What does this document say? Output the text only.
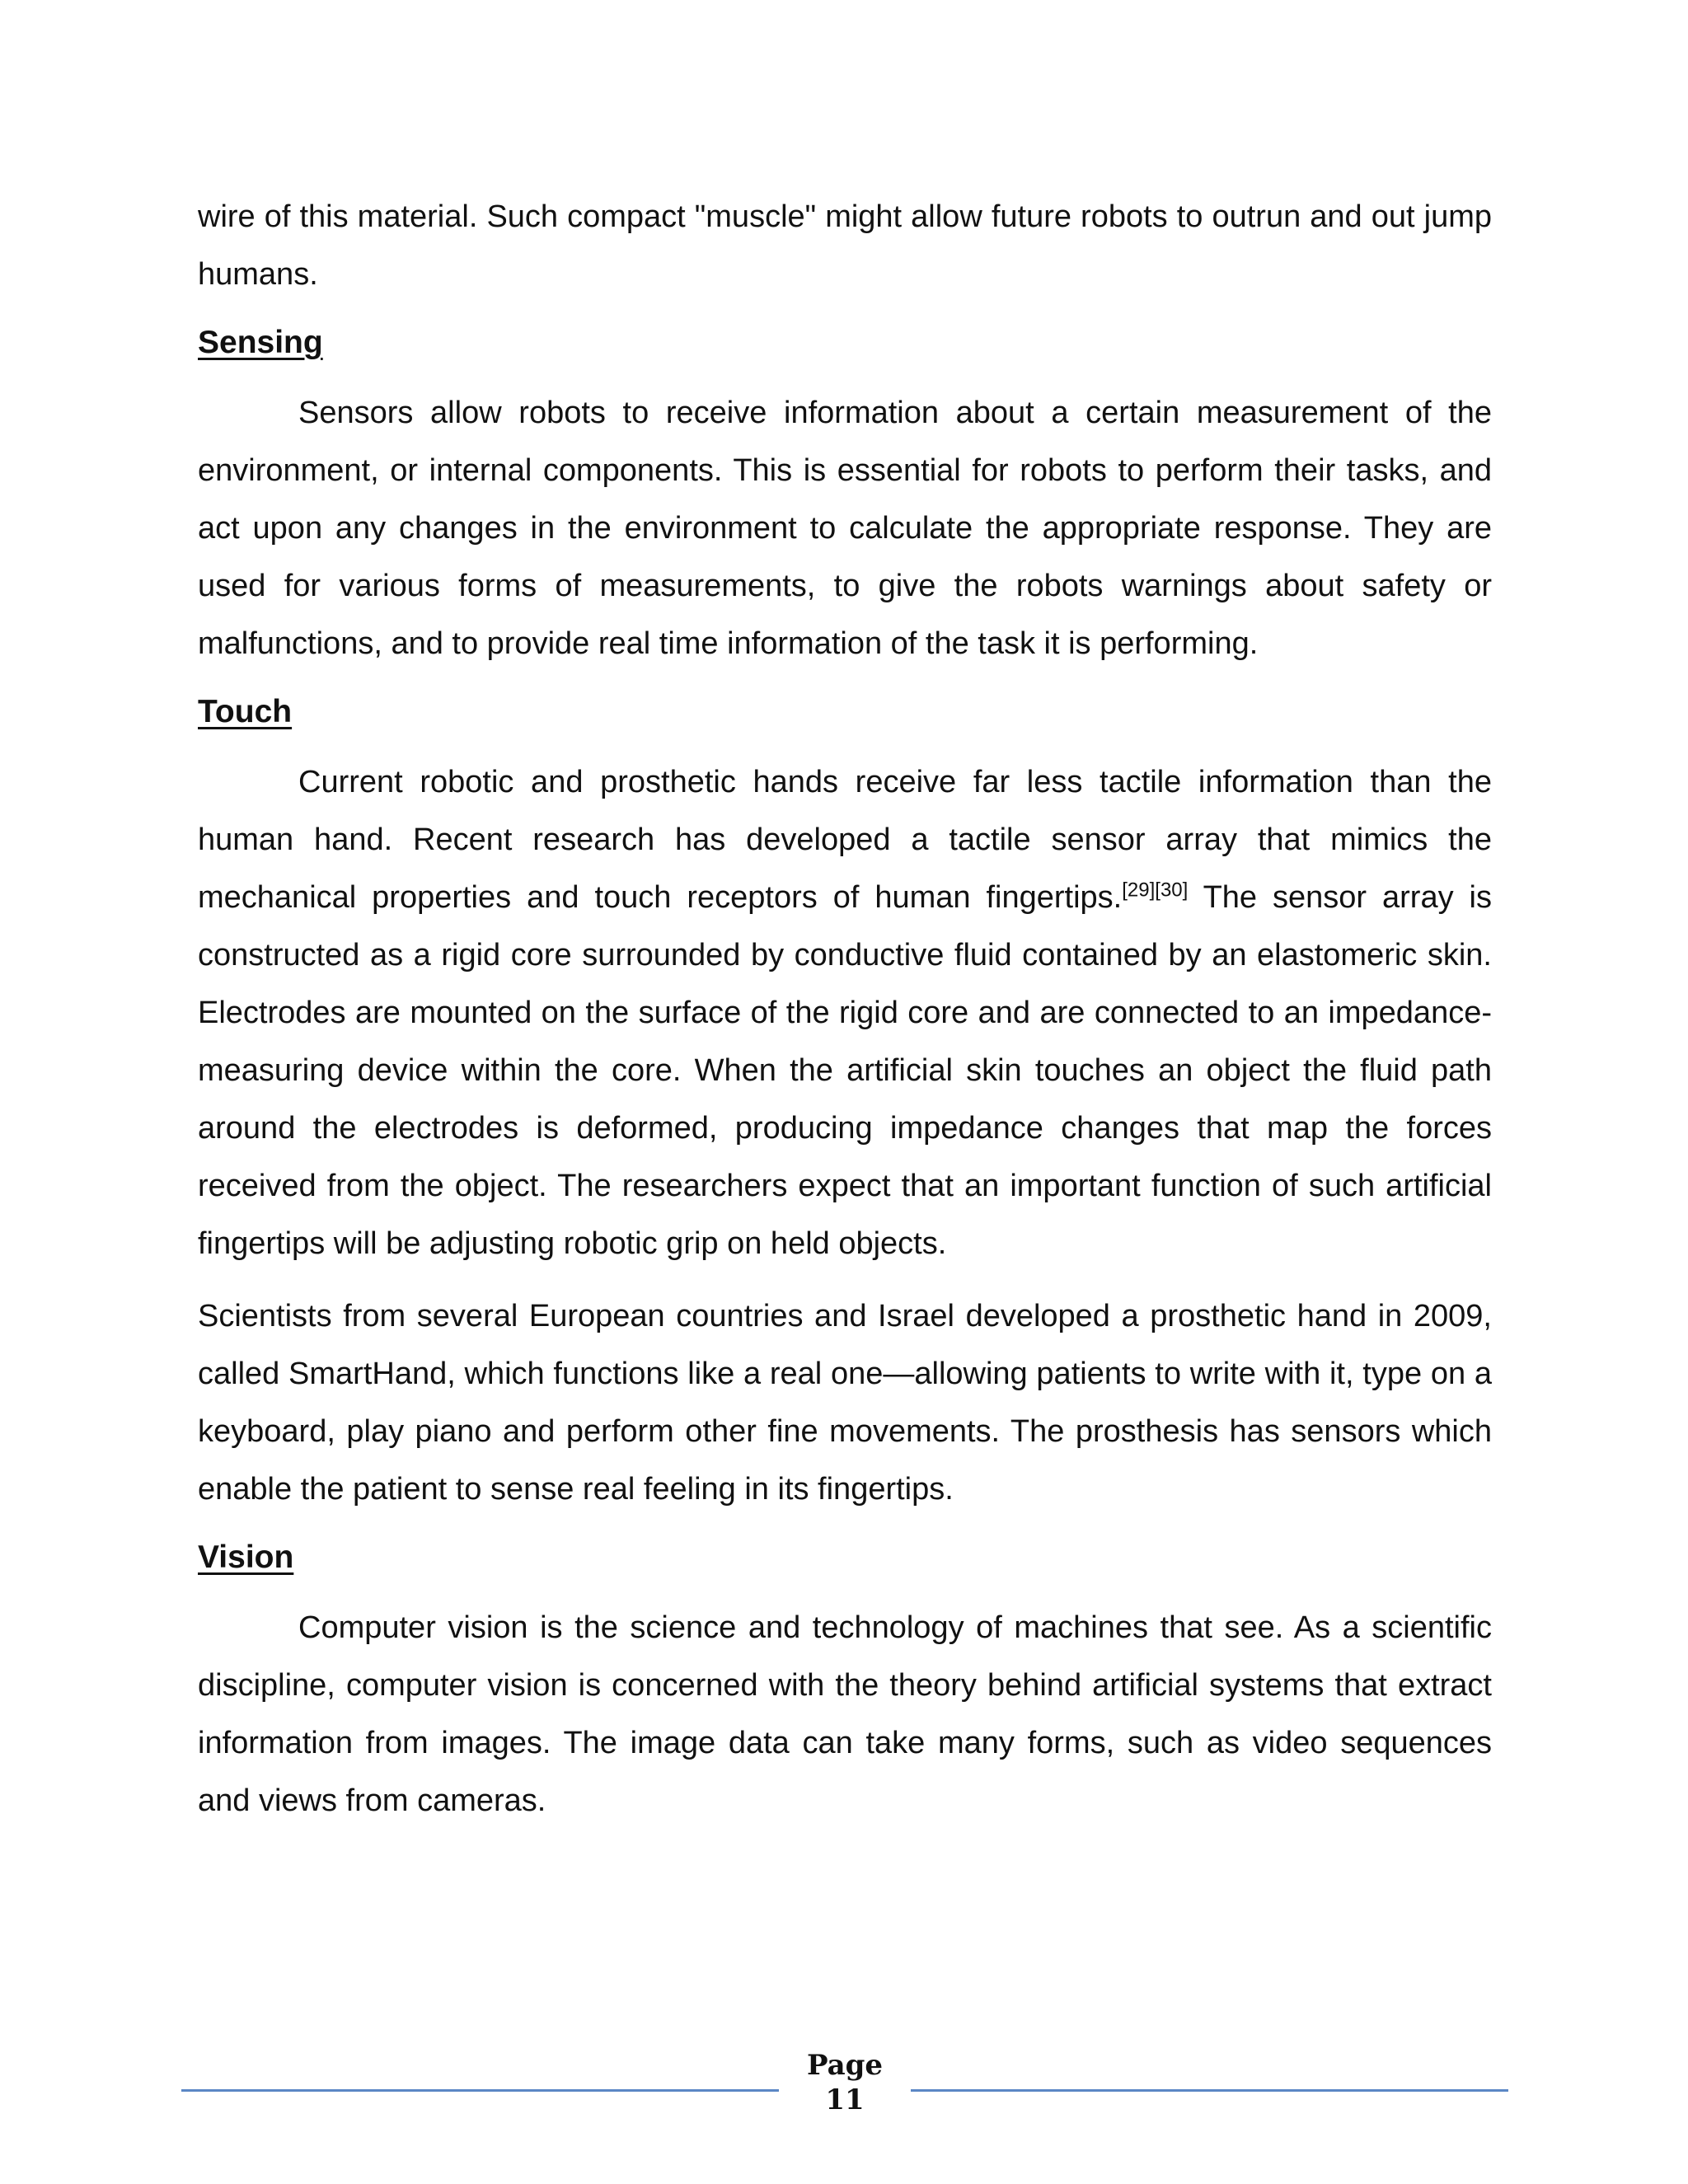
wire of this material. Such compact "muscle" might allow future robots to outrun and out jump humans.

Sensing

Sensors allow robots to receive information about a certain measurement of the environment, or internal components. This is essential for robots to perform their tasks, and act upon any changes in the environment to calculate the appropriate response. They are used for various forms of measurements, to give the robots warnings about safety or malfunctions, and to provide real time information of the task it is performing.

Touch

Current robotic and prosthetic hands receive far less tactile information than the human hand. Recent research has developed a tactile sensor array that mimics the mechanical properties and touch receptors of human fingertips.[29][30] The sensor array is constructed as a rigid core surrounded by conductive fluid contained by an elastomeric skin. Electrodes are mounted on the surface of the rigid core and are connected to an impedance-measuring device within the core. When the artificial skin touches an object the fluid path around the electrodes is deformed, producing impedance changes that map the forces received from the object. The researchers expect that an important function of such artificial fingertips will be adjusting robotic grip on held objects.

Scientists from several European countries and Israel developed a prosthetic hand in 2009, called SmartHand, which functions like a real one—allowing patients to write with it, type on a keyboard, play piano and perform other fine movements. The prosthesis has sensors which enable the patient to sense real feeling in its fingertips.

Vision

Computer vision is the science and technology of machines that see. As a scientific discipline, computer vision is concerned with the theory behind artificial systems that extract information from images. The image data can take many forms, such as video sequences and views from cameras.

Page
11
